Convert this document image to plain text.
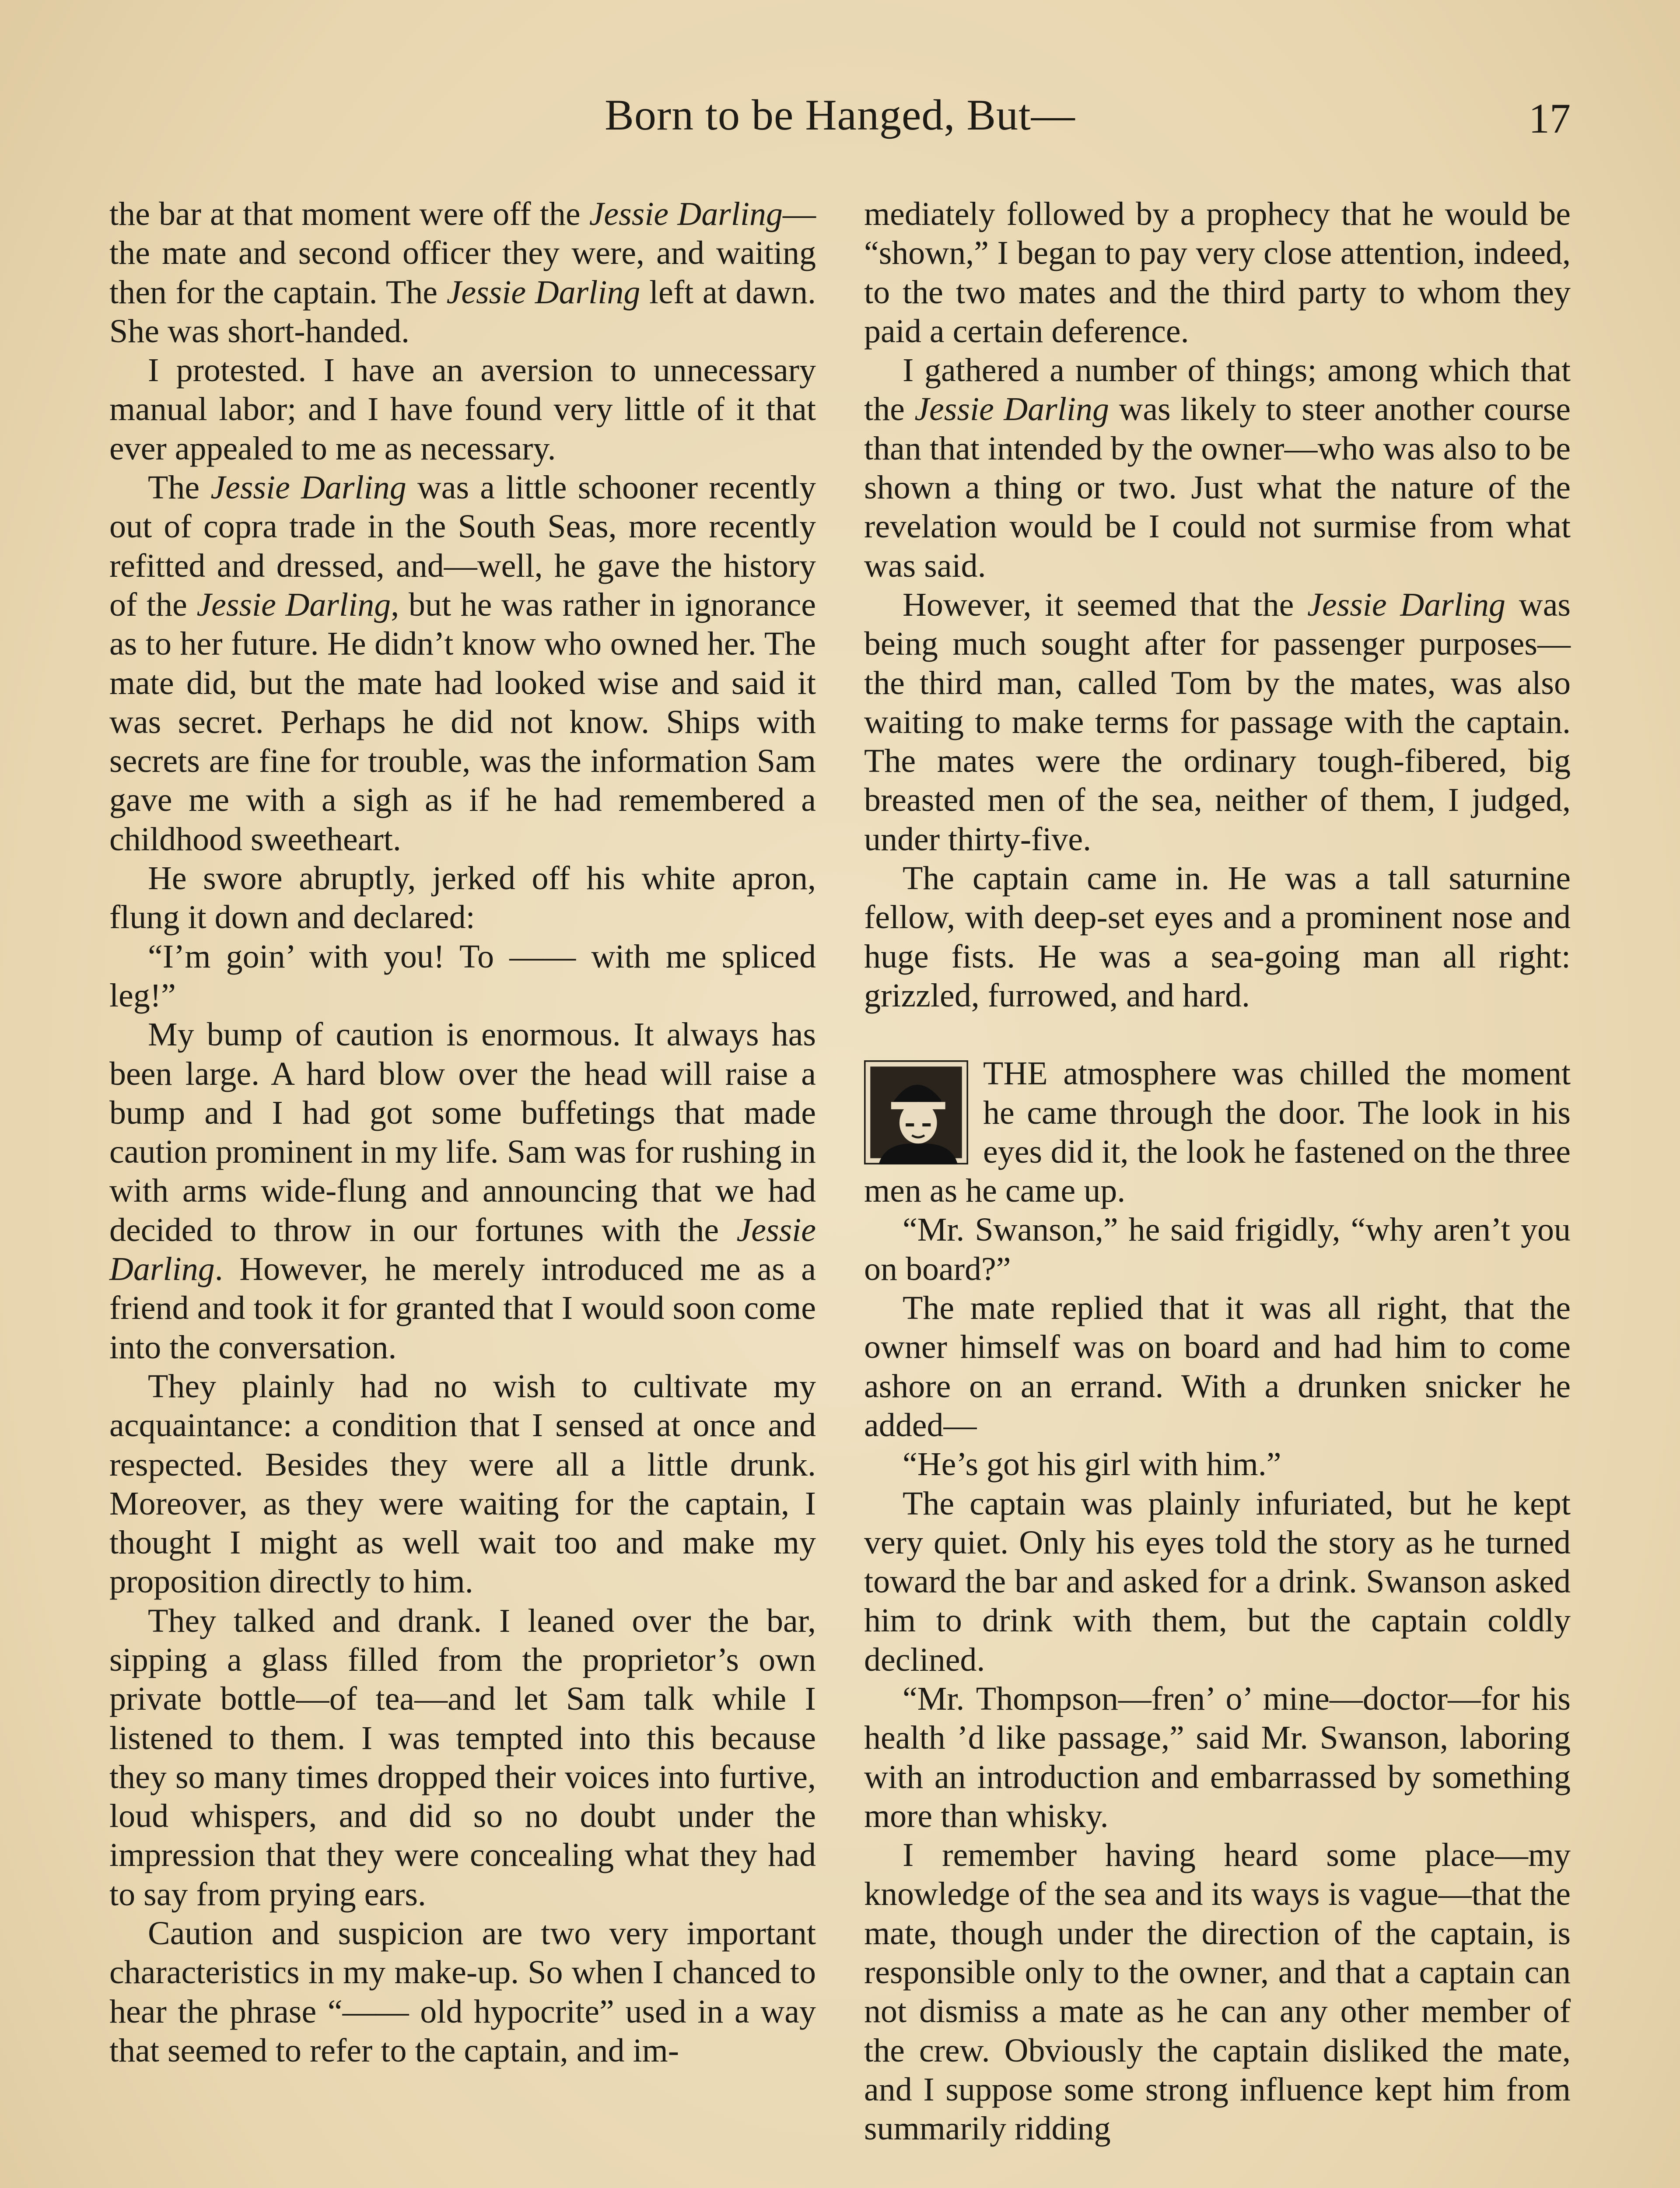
Born to be Hanged, But—	17

the bar at that moment were off the Jessie Darling—the mate and second officer they were, and waiting then for the captain. The Jessie Darling left at dawn. She was short-handed.

I protested. I have an aversion to unnecessary manual labor; and I have found very little of it that ever appealed to me as necessary.

The Jessie Darling was a little schooner recently out of copra trade in the South Seas, more recently refitted and dressed, and—well, he gave the history of the Jessie Darling, but he was rather in ignorance as to her future. He didn’t know who owned her. The mate did, but the mate had looked wise and said it was secret. Perhaps he did not know. Ships with secrets are fine for trouble, was the information Sam gave me with a sigh as if he had remembered a childhood sweetheart.

He swore abruptly, jerked off his white apron, flung it down and declared:

“I’m goin’ with you! To —— with me spliced leg!”

My bump of caution is enormous. It always has been large. A hard blow over the head will raise a bump and I had got some buffetings that made caution prominent in my life. Sam was for rushing in with arms wide-flung and announcing that we had decided to throw in our fortunes with the Jessie Darling. However, he merely introduced me as a friend and took it for granted that I would soon come into the conversation.

They plainly had no wish to cultivate my acquaintance: a condition that I sensed at once and respected. Besides they were all a little drunk. Moreover, as they were waiting for the captain, I thought I might as well wait too and make my proposition directly to him.

They talked and drank. I leaned over the bar, sipping a glass filled from the proprietor’s own private bottle—of tea—and let Sam talk while I listened to them. I was tempted into this because they so many times dropped their voices into furtive, loud whispers, and did so no doubt under the impression that they were concealing what they had to say from prying ears.

Caution and suspicion are two very important characteristics in my make-up. So when I chanced to hear the phrase “—— old hypocrite” used in a way that seemed to refer to the captain, and im-

mediately followed by a prophecy that he would be “shown,” I began to pay very close attention, indeed, to the two mates and the third party to whom they paid a certain deference.

I gathered a number of things; among which that the Jessie Darling was likely to steer another course than that intended by the owner—who was also to be shown a thing or two. Just what the nature of the revelation would be I could not surmise from what was said.

However, it seemed that the Jessie Darling was being much sought after for passenger purposes—the third man, called Tom by the mates, was also waiting to make terms for passage with the captain. The mates were the ordinary tough-fibered, big breasted men of the sea, neither of them, I judged, under thirty-five.

The captain came in. He was a tall saturnine fellow, with deep-set eyes and a prominent nose and huge fists. He was a sea-going man all right: grizzled, furrowed, and hard.

THE atmosphere was chilled the moment he came through the door. The look in his eyes did it, the look he fastened on the three men as he came up.

“Mr. Swanson,” he said frigidly, “why aren’t you on board?”

The mate replied that it was all right, that the owner himself was on board and had him to come ashore on an errand. With a drunken snicker he added—

“He’s got his girl with him.”

The captain was plainly infuriated, but he kept very quiet. Only his eyes told the story as he turned toward the bar and asked for a drink. Swanson asked him to drink with them, but the captain coldly declined.

“Mr. Thompson—fren’ o’ mine—doctor—for his health ’d like passage,” said Mr. Swanson, laboring with an introduction and embarrassed by something more than whisky.

I remember having heard some place—my knowledge of the sea and its ways is vague—that the mate, though under the direction of the captain, is responsible only to the owner, and that a captain can not dismiss a mate as he can any other member of the crew. Obviously the captain disliked the mate, and I suppose some strong influence kept him from summarily ridding
